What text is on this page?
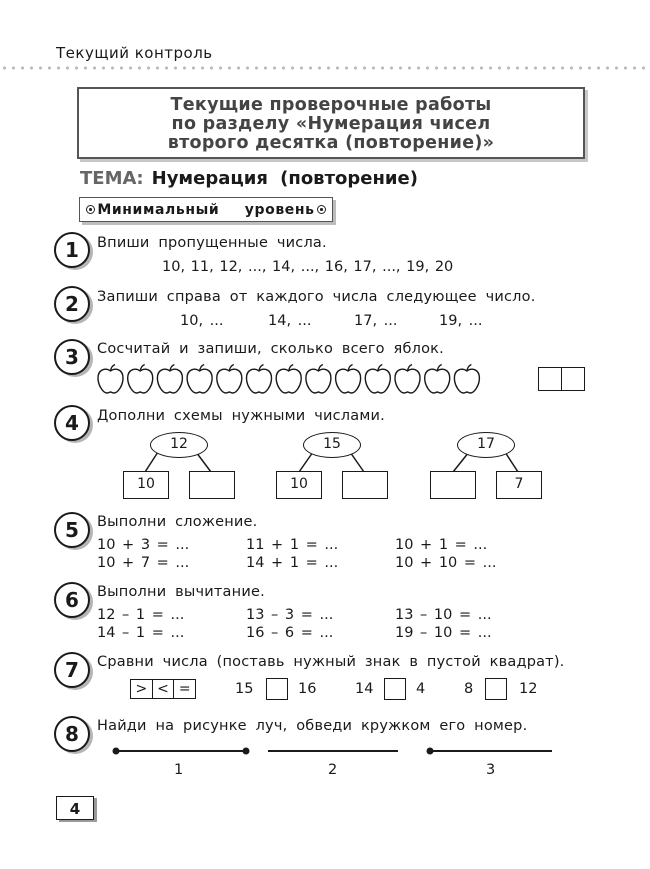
Текущий контроль
Текущие проверочные работы
по разделу «Нумерация чисел
второго десятка (повторение)»
ТЕМА: Нумерация (повторение)
Минимальный уровень
1	Впиши пропущенные числа.
10, 11, 12, ..., 14, ..., 16, 17, ..., 19, 20
2	Запиши справа от каждого числа следующее число.
10, ...	14, ...	17, ...	19, ...
3	Сосчитай и запиши, сколько всего яблок.
4	Дополни схемы нужными числами.
12
10
15
10
17
7
5	Выполни сложение.
10 + 3 = ...	11 + 1 = ...	10 + 1 = ...
10 + 7 = ...	14 + 1 = ...	10 + 10 = ...
6	Выполни вычитание.
12 – 1 = ...	13 – 3 = ...	13 – 10 = ...
14 – 1 = ...	16 – 6 = ...	19 – 10 = ...
7	Сравни числа (поставь нужный знак в пустой квадрат).
> < =	15	16	14	4	8	12
8	Найди на рисунке луч, обведи кружком его номер.
1	2	3
4
